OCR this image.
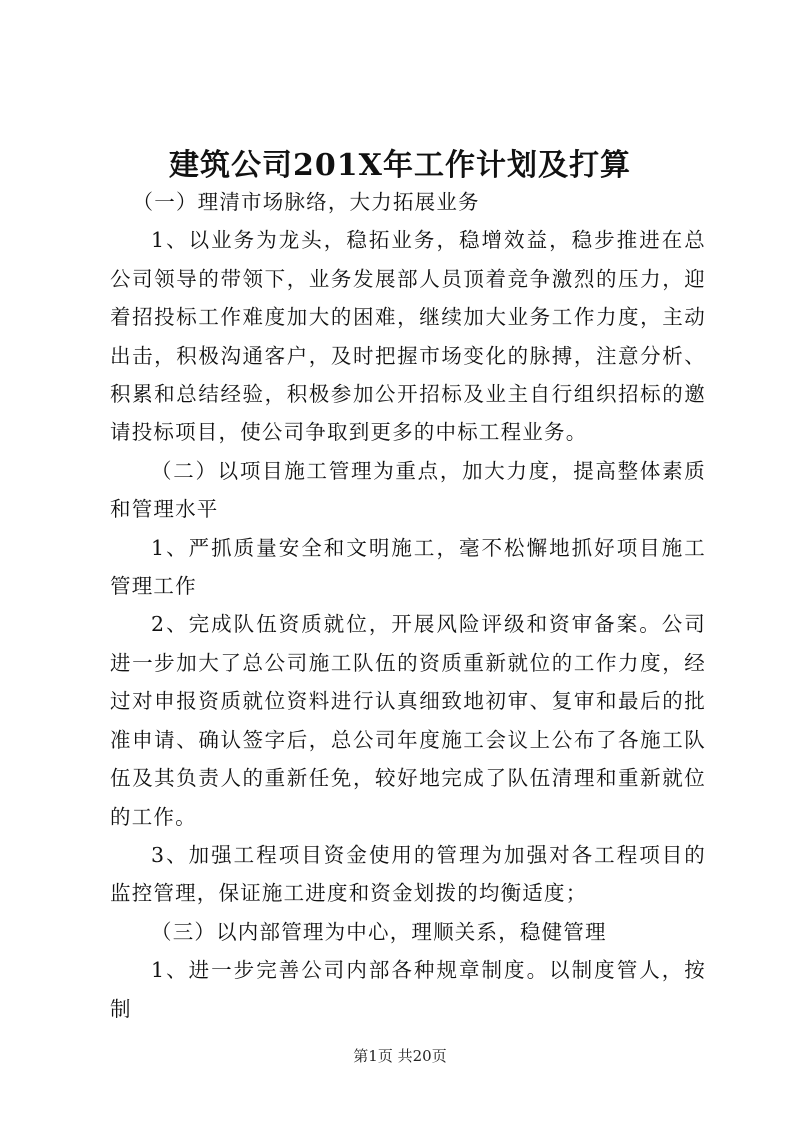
建筑公司201X年工作计划及打算

（一）理清市场脉络，大力拓展业务

1、以业务为龙头，稳拓业务，稳增效益，稳步推进在总公司领导的带领下，业务发展部人员顶着竞争激烈的压力，迎着招投标工作难度加大的困难，继续加大业务工作力度，主动出击，积极沟通客户，及时把握市场变化的脉搏，注意分析、积累和总结经验，积极参加公开招标及业主自行组织招标的邀请投标项目，使公司争取到更多的中标工程业务。

（二）以项目施工管理为重点，加大力度，提高整体素质和管理水平

1、严抓质量安全和文明施工，毫不松懈地抓好项目施工管理工作

2、完成队伍资质就位，开展风险评级和资审备案。公司进一步加大了总公司施工队伍的资质重新就位的工作力度，经过对申报资质就位资料进行认真细致地初审、复审和最后的批准申请、确认签字后，总公司年度施工会议上公布了各施工队伍及其负责人的重新任免，较好地完成了队伍清理和重新就位的工作。

3、加强工程项目资金使用的管理为加强对各工程项目的监控管理，保证施工进度和资金划拨的均衡适度；

（三）以内部管理为中心，理顺关系，稳健管理

1、进一步完善公司内部各种规章制度。以制度管人，按制

第1页 共20页
